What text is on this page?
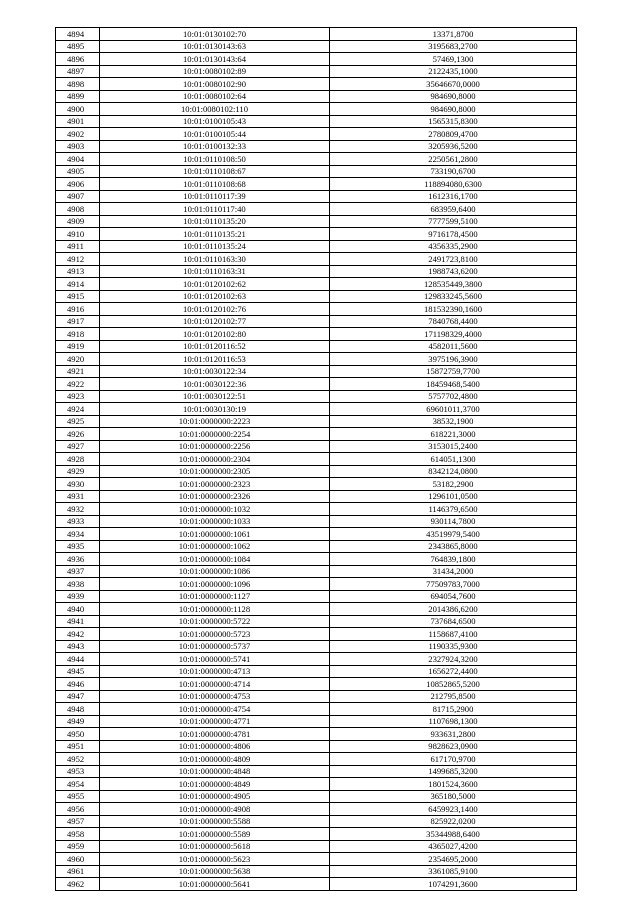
4894	10:01:0130102:70	13371,8700
4895	10:01:0130143:63	3195683,2700
4896	10:01:0130143:64	57469,1300
4897	10:01:0080102:89	2122435,1000
4898	10:01:0080102:90	35646670,0000
4899	10:01:0080102:64	984690,8000
4900	10:01:0080102:110	984690,8000
4901	10:01:0100105:43	1565315,8300
4902	10:01:0100105:44	2780809,4700
4903	10:01:0100132:33	3205936,5200
4904	10:01:0110108:50	2250561,2800
4905	10:01:0110108:67	733190,6700
4906	10:01:0110108:68	118894080,6300
4907	10:01:0110117:39	1612316,1700
4908	10:01:0110117:40	683959,6400
4909	10:01:0110135:20	7777599,5100
4910	10:01:0110135:21	9716178,4500
4911	10:01:0110135:24	4356335,2900
4912	10:01:0110163:30	2491723,8100
4913	10:01:0110163:31	1988743,6200
4914	10:01:0120102:62	128535449,3800
4915	10:01:0120102:63	129833245,5600
4916	10:01:0120102:76	181532390,1600
4917	10:01:0120102:77	7840768,4400
4918	10:01:0120102:80	171198329,4000
4919	10:01:0120116:52	4582011,5600
4920	10:01:0120116:53	3975196,3900
4921	10:01:0030122:34	15872759,7700
4922	10:01:0030122:36	18459468,5400
4923	10:01:0030122:51	5757702,4800
4924	10:01:0030130:19	69601011,3700
4925	10:01:0000000:2223	38532,1900
4926	10:01:0000000:2254	618221,3000
4927	10:01:0000000:2256	3153015,2400
4928	10:01:0000000:2304	614051,1300
4929	10:01:0000000:2305	8342124,0800
4930	10:01:0000000:2323	53182,2900
4931	10:01:0000000:2326	1296101,0500
4932	10:01:0000000:1032	1146379,6500
4933	10:01:0000000:1033	930114,7800
4934	10:01:0000000:1061	43519979,5400
4935	10:01:0000000:1062	2343865,8000
4936	10:01:0000000:1084	764839,1800
4937	10:01:0000000:1086	31434,2000
4938	10:01:0000000:1096	77509783,7000
4939	10:01:0000000:1127	694054,7600
4940	10:01:0000000:1128	2014386,6200
4941	10:01:0000000:5722	737684,6500
4942	10:01:0000000:5723	1158687,4100
4943	10:01:0000000:5737	1190335,9300
4944	10:01:0000000:5741	2327924,3200
4945	10:01:0000000:4713	1656272,4400
4946	10:01:0000000:4714	10852865,5200
4947	10:01:0000000:4753	212795,8500
4948	10:01:0000000:4754	81715,2900
4949	10:01:0000000:4771	1107698,1300
4950	10:01:0000000:4781	933631,2800
4951	10:01:0000000:4806	9828623,0900
4952	10:01:0000000:4809	617170,9700
4953	10:01:0000000:4848	1499685,3200
4954	10:01:0000000:4849	1801524,3600
4955	10:01:0000000:4905	365180,5000
4956	10:01:0000000:4908	6459923,1400
4957	10:01:0000000:5588	825922,0200
4958	10:01:0000000:5589	35344988,6400
4959	10:01:0000000:5618	4365027,4200
4960	10:01:0000000:5623	2354695,2000
4961	10:01:0000000:5638	3361085,9100
4962	10:01:0000000:5641	1074291,3600
